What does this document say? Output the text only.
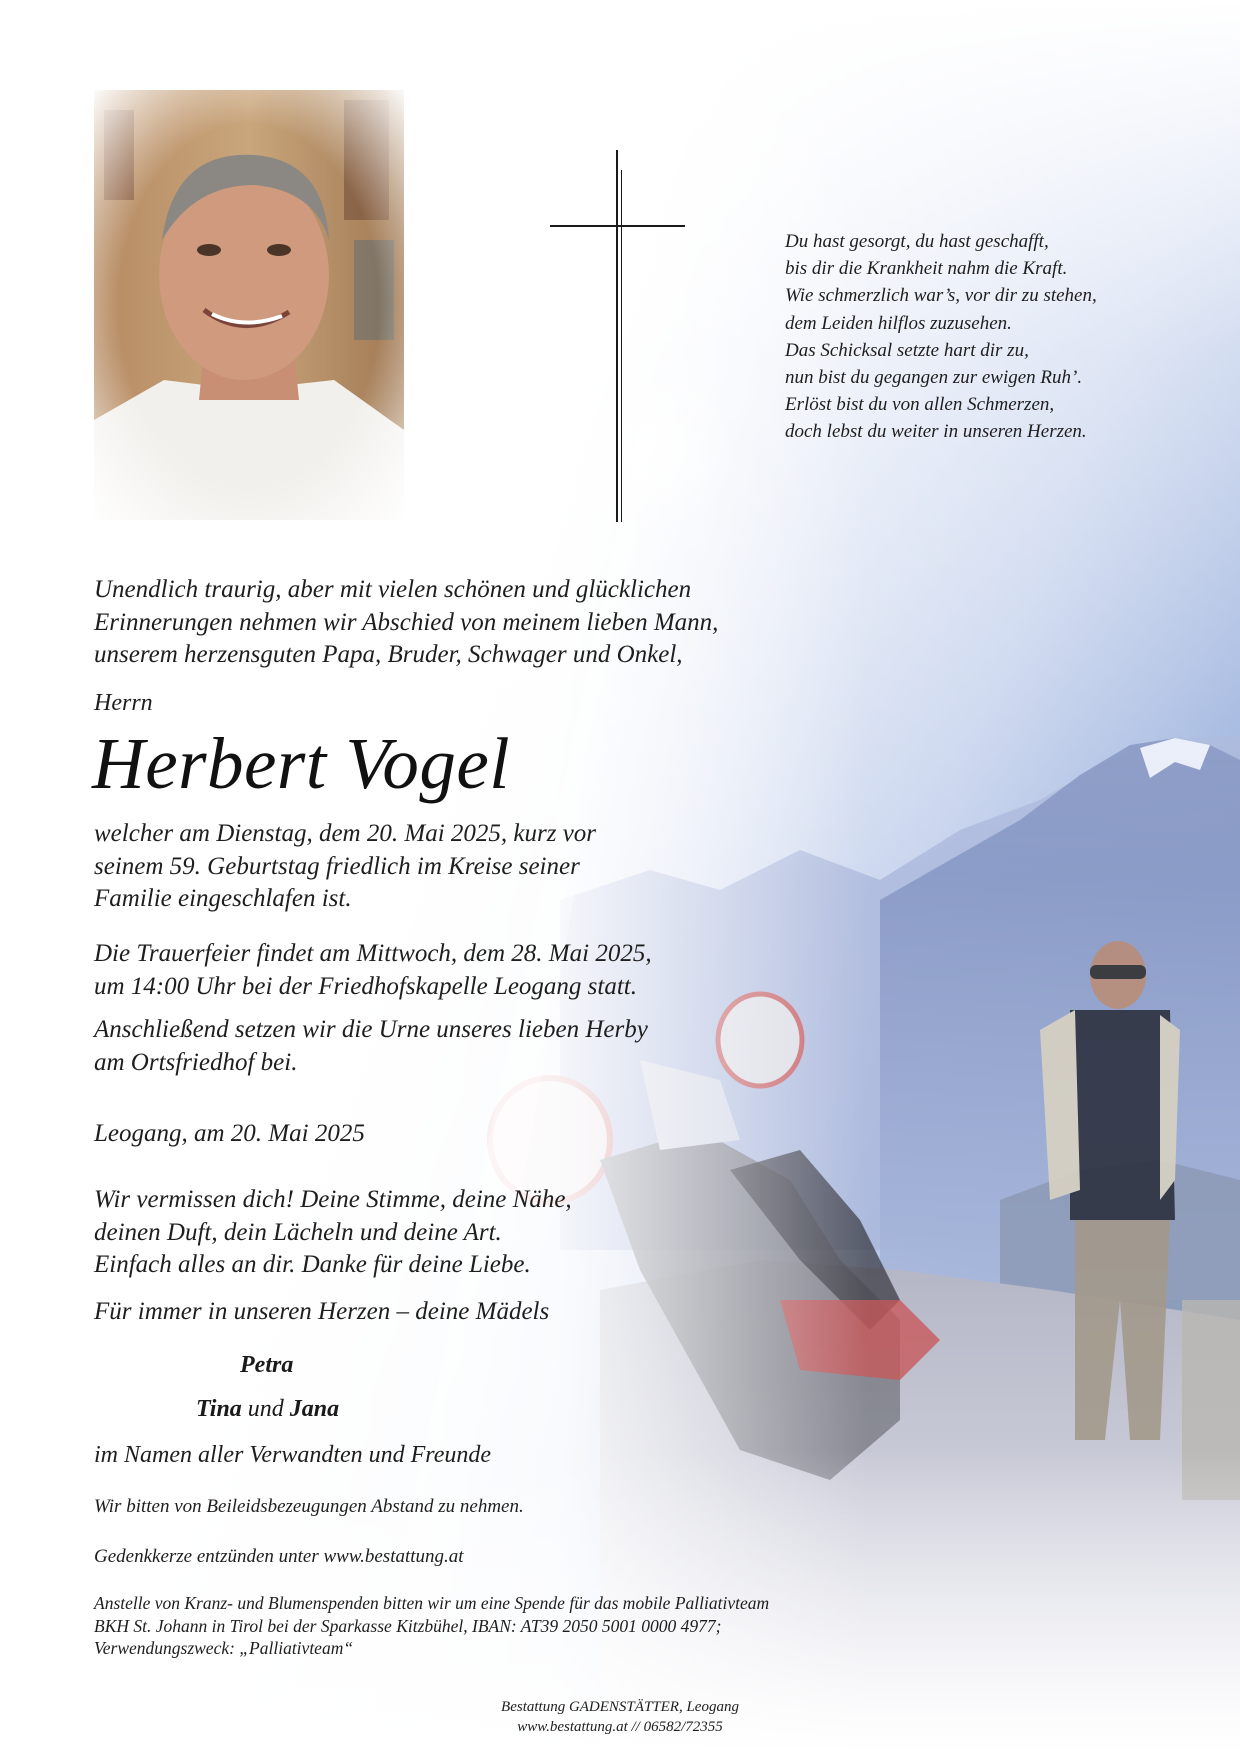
Du hast gesorgt, du hast geschafft,
bis dir die Krankheit nahm die Kraft.
Wie schmerzlich war’s, vor dir zu stehen,
dem Leiden hilflos zuzusehen.
Das Schicksal setzte hart dir zu,
nun bist du gegangen zur ewigen Ruh’.
Erlöst bist du von allen Schmerzen,
doch lebst du weiter in unseren Herzen.
Unendlich traurig, aber mit vielen schönen und glücklichen
Erinnerungen nehmen wir Abschied von meinem lieben Mann,
unserem herzensguten Papa, Bruder, Schwager und Onkel,
Herrn
Herbert Vogel
welcher am Dienstag, dem 20. Mai 2025, kurz vor
seinem 59. Geburtstag friedlich im Kreise seiner
Familie eingeschlafen ist.
Die Trauerfeier findet am Mittwoch, dem 28. Mai 2025,
um 14:00 Uhr bei der Friedhofskapelle Leogang statt.
Anschließend setzen wir die Urne unseres lieben Herby
am Ortsfriedhof bei.
Leogang, am 20. Mai 2025
Wir vermissen dich! Deine Stimme, deine Nähe,
deinen Duft, dein Lächeln und deine Art.
Einfach alles an dir. Danke für deine Liebe.
Für immer in unseren Herzen – deine Mädels
Petra
Tina und Jana
im Namen aller Verwandten und Freunde
Wir bitten von Beileidsbezeugungen Abstand zu nehmen.
Gedenkkerze entzünden unter www.bestattung.at
Anstelle von Kranz- und Blumenspenden bitten wir um eine Spende für das mobile Palliativteam
BKH St. Johann in Tirol bei der Sparkasse Kitzbühel, IBAN: AT39 2050 5001 0000 4977;
Verwendungszweck: „Palliativteam“
Bestattung GADENSTÄTTER, Leogang
www.bestattung.at // 06582/72355
